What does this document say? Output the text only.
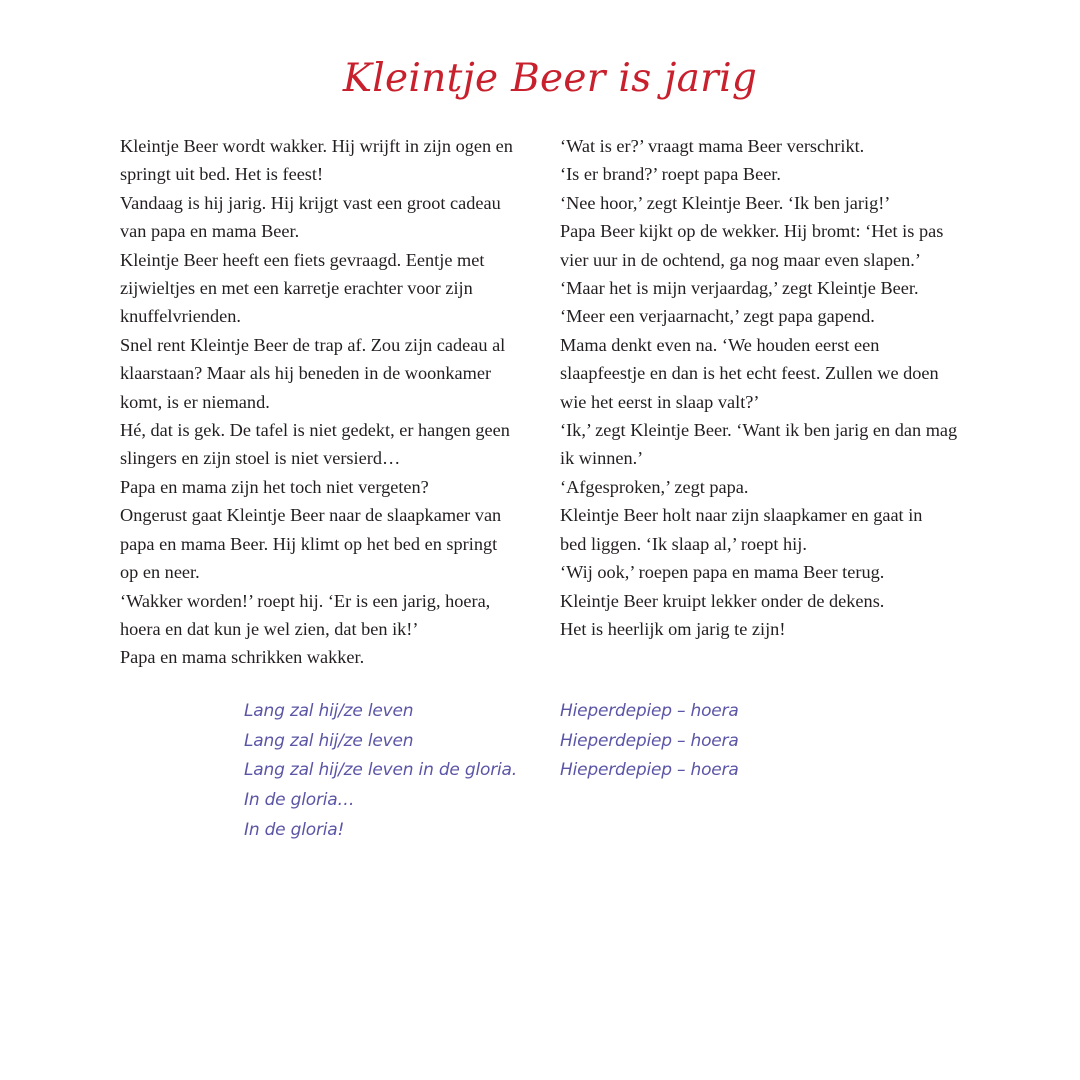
Kleintje Beer is jarig
Kleintje Beer wordt wakker. Hij wrijft in zijn ogen en
springt uit bed. Het is feest!
Vandaag is hij jarig. Hij krijgt vast een groot cadeau
van papa en mama Beer.
Kleintje Beer heeft een fiets gevraagd. Eentje met
zijwieltjes en met een karretje erachter voor zijn
knuffelvrienden.
Snel rent Kleintje Beer de trap af. Zou zijn cadeau al
klaarstaan? Maar als hij beneden in de woonkamer
komt, is er niemand.
Hé, dat is gek. De tafel is niet gedekt, er hangen geen
slingers en zijn stoel is niet versierd…
Papa en mama zijn het toch niet vergeten?
Ongerust gaat Kleintje Beer naar de slaapkamer van
papa en mama Beer. Hij klimt op het bed en springt
op en neer.
‘Wakker worden!’ roept hij. ‘Er is een jarig, hoera,
hoera en dat kun je wel zien, dat ben ik!’
Papa en mama schrikken wakker.
‘Wat is er?’ vraagt mama Beer verschrikt.
‘Is er brand?’ roept papa Beer.
‘Nee hoor,’ zegt Kleintje Beer. ‘Ik ben jarig!’
Papa Beer kijkt op de wekker. Hij bromt: ‘Het is pas
vier uur in de ochtend, ga nog maar even slapen.’
‘Maar het is mijn verjaardag,’ zegt Kleintje Beer.
‘Meer een verjaarnacht,’ zegt papa gapend.
Mama denkt even na. ‘We houden eerst een
slaapfeestje en dan is het echt feest. Zullen we doen
wie het eerst in slaap valt?’
‘Ik,’ zegt Kleintje Beer. ‘Want ik ben jarig en dan mag
ik winnen.’
‘Afgesproken,’ zegt papa.
Kleintje Beer holt naar zijn slaapkamer en gaat in
bed liggen. ‘Ik slaap al,’ roept hij.
‘Wij ook,’ roepen papa en mama Beer terug.
Kleintje Beer kruipt lekker onder de dekens.
Het is heerlijk om jarig te zijn!
Lang zal hij/ze leven
Lang zal hij/ze leven
Lang zal hij/ze leven in de gloria.
In de gloria…
In de gloria!
Hieperdepiep – hoera
Hieperdepiep – hoera
Hieperdepiep – hoera
